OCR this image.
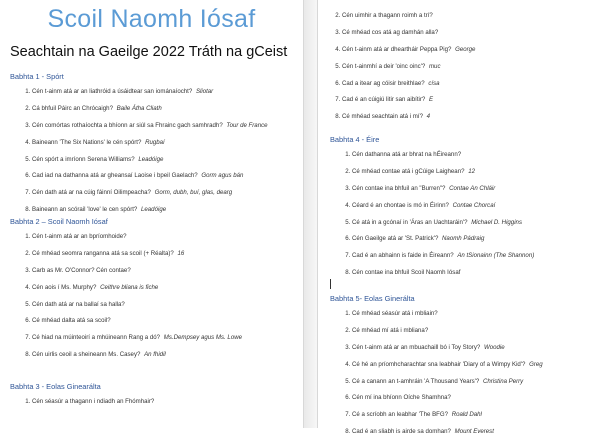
Scoil Naomh Iósaf
Seachtain na Gaeilge 2022 Tráth na gCeist
Babhta 1 - Spórt
1. Cén t-ainm atá ar an liathróid a úsáidtear san iománaíocht? Sliotar
2. Cá bhfuil Páirc an Chrócaigh? Baile Átha Cliath
3. Cén comórtas rothaíochta a bhíonn ar siúl sa Fhrainc gach samhradh? Tour de France
4. Baineann 'The Six Nations' le cén spórt? Rugbaí
5. Cén spórt a imríonn Serena Williams? Leadóige
6. Cad iad na dathanna atá ar gheansaí Laoise i bpeil Gaelach? Gorm agus bán
7. Cén dath atá ar na cúig fáinní Oilimpeacha? Gorm, dubh, buí, glas, dearg
8. Baineann an scórail 'love' le cen spórt? Leadóige
Babhta 2 – Scoil Naomh Iósaf
1. Cén t-ainm atá ar an bpríomhoide?
2. Cé mhéad seomra ranganna atá sa scoil (+ Réalta)? 16
3. Carb as Mr. O'Connor? Cén contae?
4. Cén aois í Ms. Murphy? Ceithre bliana is fiche
5. Cén dath atá ar na ballaí sa halla?
6. Cé mhéad dalta atá sa scoil?
7. Cé hiad na múinteoirí a mhúineann Rang a dó? Ms.Dempsey agus Ms. Lowe
8. Cén uirlis ceoil a sheineann Ms. Casey? An fhidil
Babhta 3 - Eolas Ginearálta
1. Cén séasúr a thagann i ndiadh an Fhómhair?
2. Cén uimhir a thagann roimh a trí?
3. Cé mhéad cos atá ag damhán alla?
4. Cén t-ainm atá ar dheartháir Peppa Pig? George
5. Cén t-ainmhí a deir 'oinc oinc'? muc
6. Cad a itear ag cóisir breithlae? císa
7. Cad é an cúigiú litir san aibítir? E
8. Cé mhéad seachtain atá i mí? 4
Babhta 4 - Éire
1. Cén dathanna atá ar bhrat na hÉireann?
2. Cé mhéad contae atá i gCúige Laighean? 12
3. Cén contae ina bhfuil an "Burren"? Contae An Chláir
4. Céard é an chontae is mó in Éirinn? Contae Chorcaí
5. Cé atá in a gcónaí in 'Áras an Uachtaráin'? Michael D. Higgins
6. Cén Gaeilge atá ar 'St. Patrick'? Naomh Pádraig
7. Cad é an abhainn is faide in Éireann? An tSionainn (The Shannon)
8. Cén contae ina bhfuil Scoil Naomh Iósaf
Babhta 5- Eolas Ginerálta
1. Cé mhéad séasúr atá i mbliain?
2. Cé mhéad mí atá i mbliana?
3. Cén t-ainm atá ar an mbuachaill bó i Toy Story? Woodie
4. Cé hé an príomhcharachtar sna leabhair 'Diary of a Wimpy Kid'? Greg
5. Cé a canann an t-amhráin 'A Thousand Years'? Christina Perry
6. Cén mí ina bhíonn Oíche Shamhna?
7. Cé a scríobh an leabhar 'The BFG? Roald Dahl
8. Cad é an sliabh is airde sa domhan? Mount Everest
